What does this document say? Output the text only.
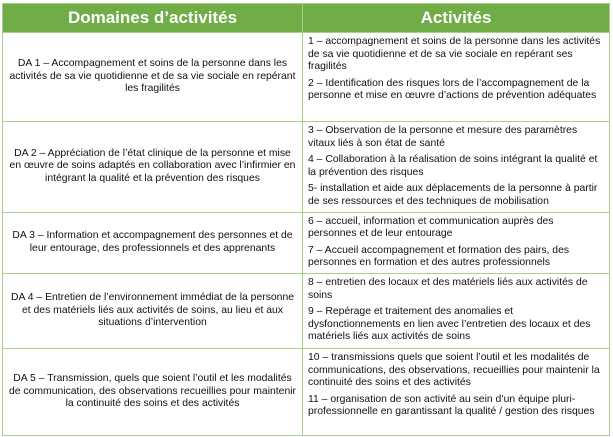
Domaines d’activités	Activités
DA 1 – Accompagnement et soins de la personne dans les activités de sa vie quotidienne et de sa vie sociale en repérant les fragilités	1 – accompagnement et soins de la personne dans les activités de sa vie quotidienne et de sa vie sociale en repérant ses fragilités
2 – Identification des risques lors de l’accompagnement de la personne et mise en œuvre d’actions de prévention adéquates

DA 2 – Appréciation de l’état clinique de la personne et mise en œuvre de soins adaptés en collaboration avec l’infirmier en intégrant la qualité et la prévention des risques	3 – Observation de la personne et mesure des paramètres vitaux liés à son état de santé
4 – Collaboration à la réalisation de soins intégrant la qualité et la prévention des risques
5- installation et aide aux déplacements de la personne à partir de ses ressources et des techniques de mobilisation

DA 3 – Information et accompagnement des personnes et de leur entourage, des professionnels et des apprenants	6 – accueil, information et communication auprès des personnes et de leur entourage
7 – Accueil accompagnement et formation des pairs, des personnes en formation et des autres professionnels

DA 4 – Entretien de l’environnement immédiat de la personne et des matériels liés aux activités de soins, au lieu et aux situations d’intervention	8 – entretien des locaux et des matériels liés aux activités de soins
9 – Repérage et traitement des anomalies et dysfonctionnements en lien avec l’entretien des locaux et des matériels liés aux activités de soins

DA 5 – Transmission, quels que soient l’outil et les modalités de communication, des observations recueillies pour maintenir la continuité des soins et des activités	10 – transmissions quels que soient l’outil et les modalités de communications, des observations, recueillies pour maintenir la continuité des soins et des activités
11 – organisation de son activité au sein d’un équipe pluri-professionnelle en garantissant la qualité / gestion des risques
